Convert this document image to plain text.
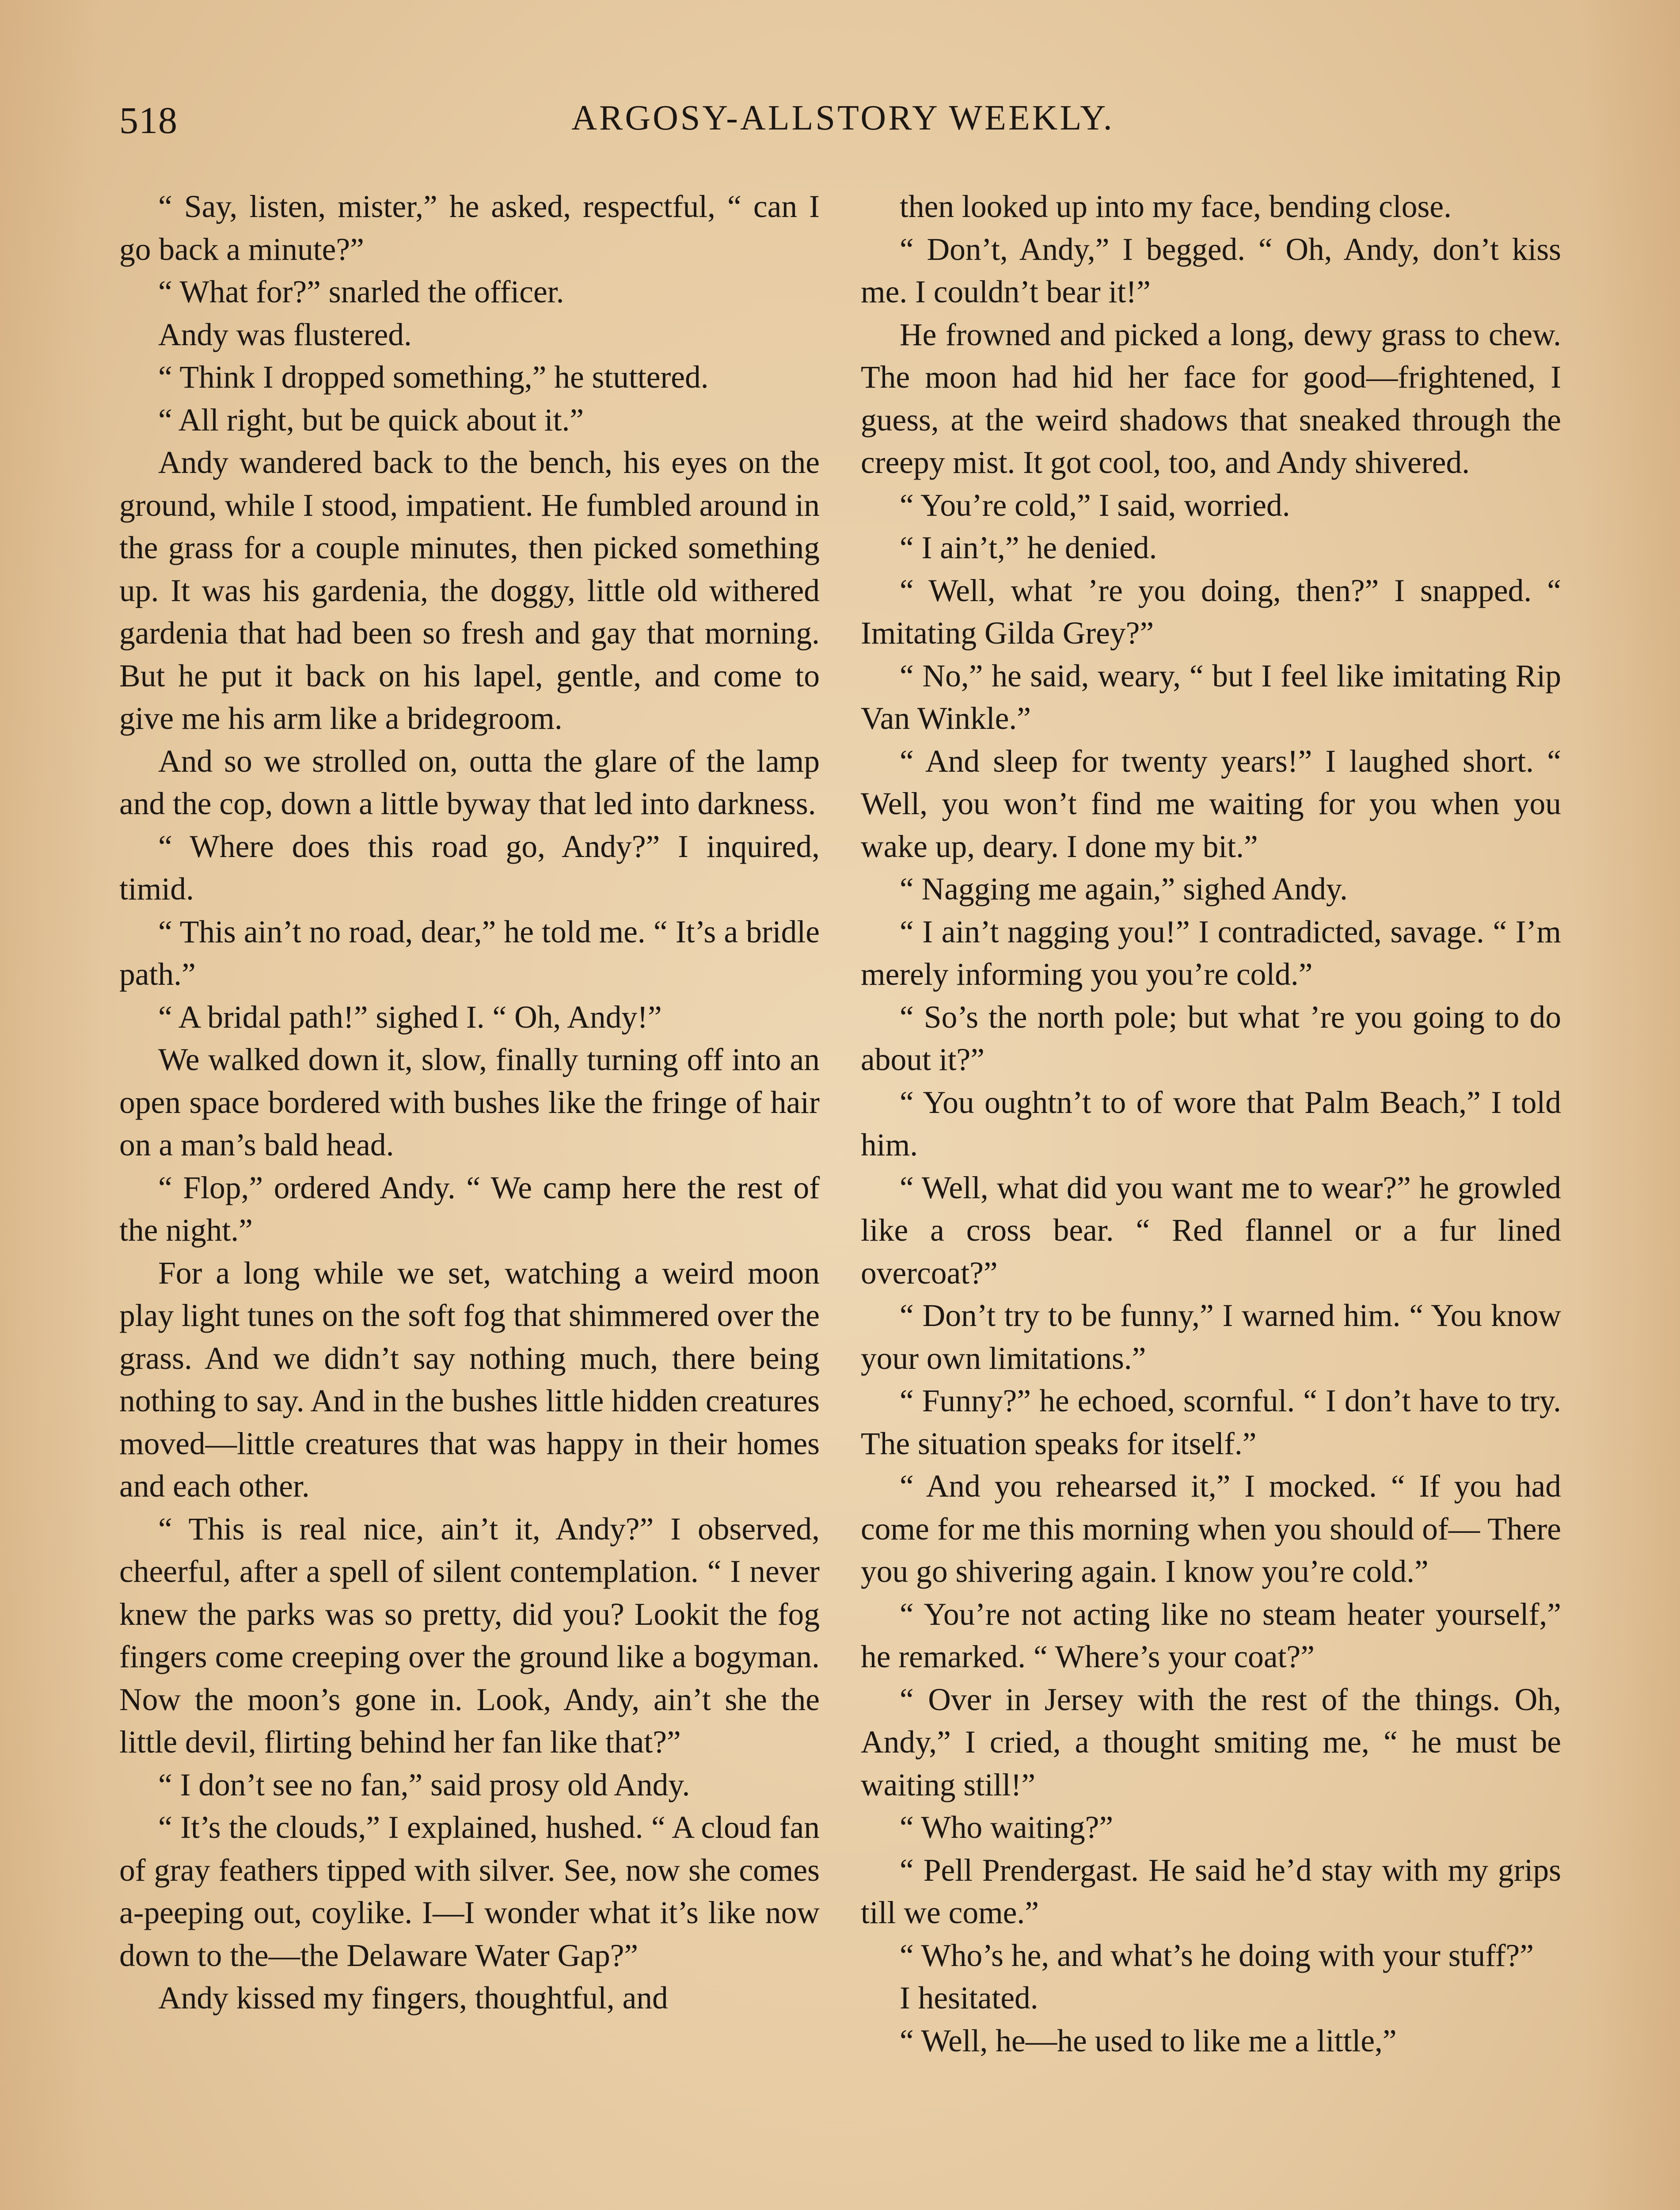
518	ARGOSY-ALLSTORY WEEKLY.

“ Say, listen, mister,” he asked, respectful, “ can I go back a minute?”

“ What for?” snarled the officer.

Andy was flustered.

“ Think I dropped something,” he stuttered.

“ All right, but be quick about it.”

Andy wandered back to the bench, his eyes on the ground, while I stood, impatient. He fumbled around in the grass for a couple minutes, then picked something up. It was his gardenia, the doggy, little old withered gardenia that had been so fresh and gay that morning. But he put it back on his lapel, gentle, and come to give me his arm like a bridegroom.

And so we strolled on, outta the glare of the lamp and the cop, down a little byway that led into darkness.

“ Where does this road go, Andy?” I inquired, timid.

“ This ain’t no road, dear,” he told me. “ It’s a bridle path.”

“ A bridal path!” sighed I. “ Oh, Andy!”

We walked down it, slow, finally turning off into an open space bordered with bushes like the fringe of hair on a man’s bald head.

“ Flop,” ordered Andy. “ We camp here the rest of the night.”

For a long while we set, watching a weird moon play light tunes on the soft fog that shimmered over the grass. And we didn’t say nothing much, there being nothing to say. And in the bushes little hidden creatures moved—little creatures that was happy in their homes and each other.

“ This is real nice, ain’t it, Andy?” I observed, cheerful, after a spell of silent contemplation. “ I never knew the parks was so pretty, did you? Lookit the fog fingers come creeping over the ground like a bogyman. Now the moon’s gone in. Look, Andy, ain’t she the little devil, flirting behind her fan like that?”

“ I don’t see no fan,” said prosy old Andy.

“ It’s the clouds,” I explained, hushed. “ A cloud fan of gray feathers tipped with silver. See, now she comes a-peeping out, coylike. I—I wonder what it’s like now down to the—the Delaware Water Gap?”

Andy kissed my fingers, thoughtful, and

then looked up into my face, bending close.

“ Don’t, Andy,” I begged. “ Oh, Andy, don’t kiss me. I couldn’t bear it!”

He frowned and picked a long, dewy grass to chew. The moon had hid her face for good—frightened, I guess, at the weird shadows that sneaked through the creepy mist. It got cool, too, and Andy shivered.

“ You’re cold,” I said, worried.

“ I ain’t,” he denied.

“ Well, what ’re you doing, then?” I snapped. “ Imitating Gilda Grey?”

“ No,” he said, weary, “ but I feel like imitating Rip Van Winkle.”

“ And sleep for twenty years!” I laughed short. “ Well, you won’t find me waiting for you when you wake up, deary. I done my bit.”

“ Nagging me again,” sighed Andy.

“ I ain’t nagging you!” I contradicted, savage. “ I’m merely informing you you’re cold.”

“ So’s the north pole; but what ’re you going to do about it?”

“ You oughtn’t to of wore that Palm Beach,” I told him.

“ Well, what did you want me to wear?” he growled like a cross bear. “ Red flannel or a fur lined overcoat?”

“ Don’t try to be funny,” I warned him. “ You know your own limitations.”

“ Funny?” he echoed, scornful. “ I don’t have to try. The situation speaks for itself.”

“ And you rehearsed it,” I mocked. “ If you had come for me this morning when you should of— There you go shivering again. I know you’re cold.”

“ You’re not acting like no steam heater yourself,” he remarked. “ Where’s your coat?”

“ Over in Jersey with the rest of the things. Oh, Andy,” I cried, a thought smiting me, “ he must be waiting still!”

“ Who waiting?”

“ Pell Prendergast. He said he’d stay with my grips till we come.”

“ Who’s he, and what’s he doing with your stuff?”

I hesitated.

“ Well, he—he used to like me a little,”
